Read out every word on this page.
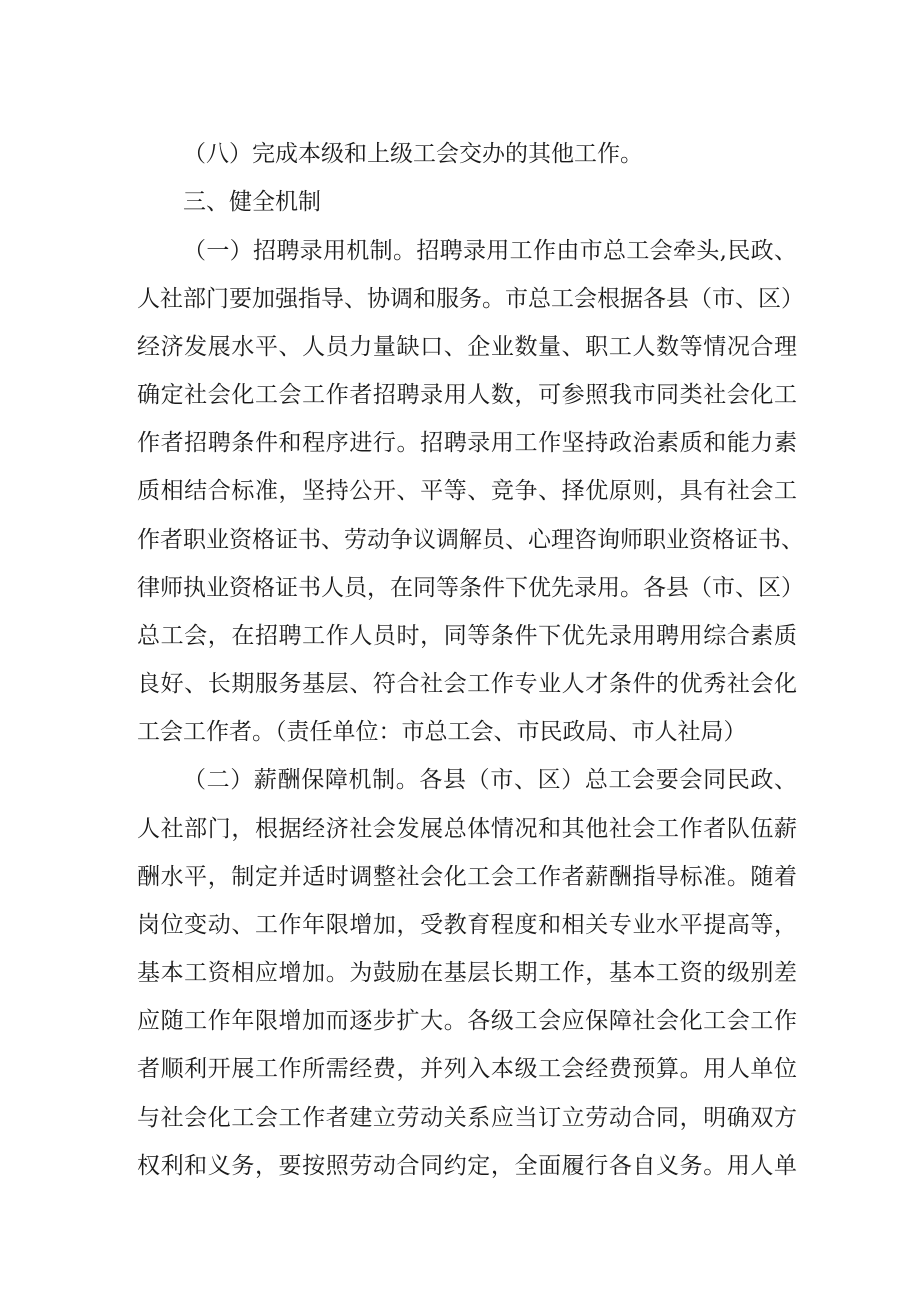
（八）完成本级和上级工会交办的其他工作。

三、健全机制

（一）招聘录用机制。招聘录用工作由市总工会牵头,民政、

人社部门要加强指导、协调和服务。市总工会根据各县（市、区）

经济发展水平、人员力量缺口、企业数量、职工人数等情况合理

确定社会化工会工作者招聘录用人数，可参照我市同类社会化工

作者招聘条件和程序进行。招聘录用工作坚持政治素质和能力素

质相结合标准，坚持公开、平等、竞争、择优原则，具有社会工

作者职业资格证书、劳动争议调解员、心理咨询师职业资格证书、

律师执业资格证书人员，在同等条件下优先录用。各县（市、区）

总工会，在招聘工作人员时，同等条件下优先录用聘用综合素质

良好、长期服务基层、符合社会工作专业人才条件的优秀社会化

工会工作者。（责任单位：市总工会、市民政局、市人社局）

（二）薪酬保障机制。各县（市、区）总工会要会同民政、

人社部门，根据经济社会发展总体情况和其他社会工作者队伍薪

酬水平，制定并适时调整社会化工会工作者薪酬指导标准。随着

岗位变动、工作年限增加，受教育程度和相关专业水平提高等，

基本工资相应增加。为鼓励在基层长期工作，基本工资的级别差

应随工作年限增加而逐步扩大。各级工会应保障社会化工会工作

者顺利开展工作所需经费，并列入本级工会经费预算。用人单位

与社会化工会工作者建立劳动关系应当订立劳动合同，明确双方

权利和义务，要按照劳动合同约定，全面履行各自义务。用人单
